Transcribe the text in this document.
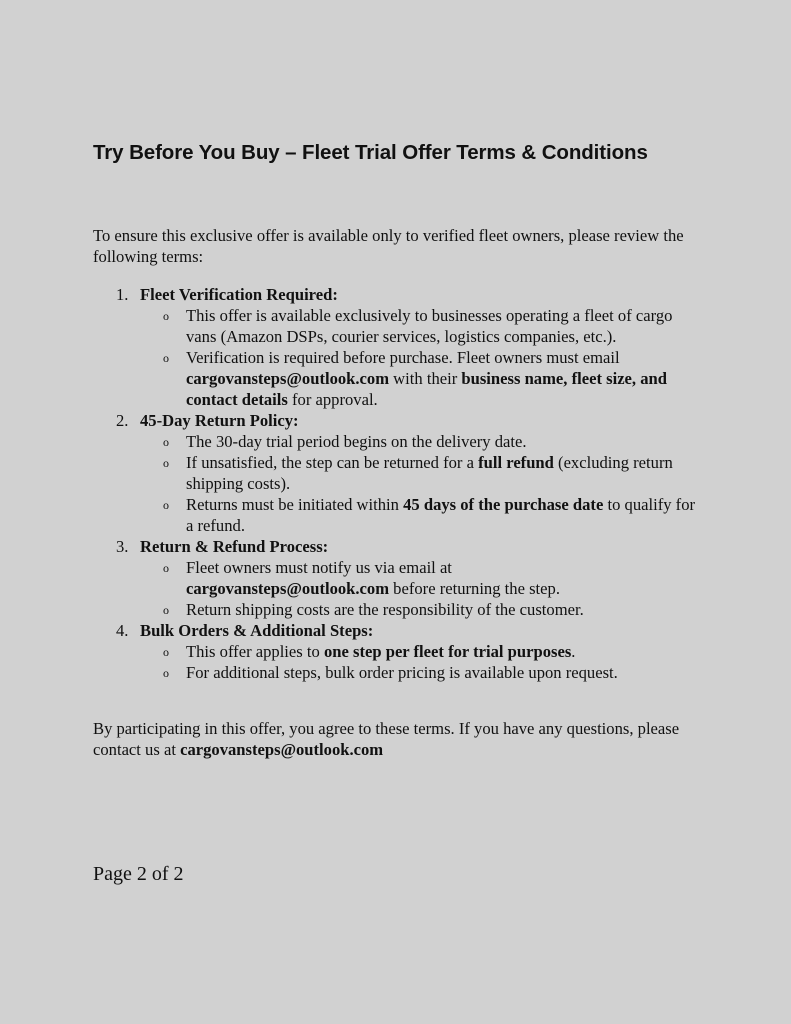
Try Before You Buy – Fleet Trial Offer Terms & Conditions
To ensure this exclusive offer is available only to verified fleet owners, please review the following terms:
1. Fleet Verification Required:
o This offer is available exclusively to businesses operating a fleet of cargo vans (Amazon DSPs, courier services, logistics companies, etc.).
o Verification is required before purchase. Fleet owners must email cargovansteps@outlook.com with their business name, fleet size, and contact details for approval.
2. 45-Day Return Policy:
o The 30-day trial period begins on the delivery date.
o If unsatisfied, the step can be returned for a full refund (excluding return shipping costs).
o Returns must be initiated within 45 days of the purchase date to qualify for a refund.
3. Return & Refund Process:
o Fleet owners must notify us via email at
cargovansteps@outlook.com before returning the step.
o Return shipping costs are the responsibility of the customer.
4. Bulk Orders & Additional Steps:
o This offer applies to one step per fleet for trial purposes.
o For additional steps, bulk order pricing is available upon request.
By participating in this offer, you agree to these terms. If you have any questions, please contact us at cargovansteps@outlook.com
Page 2 of 2
